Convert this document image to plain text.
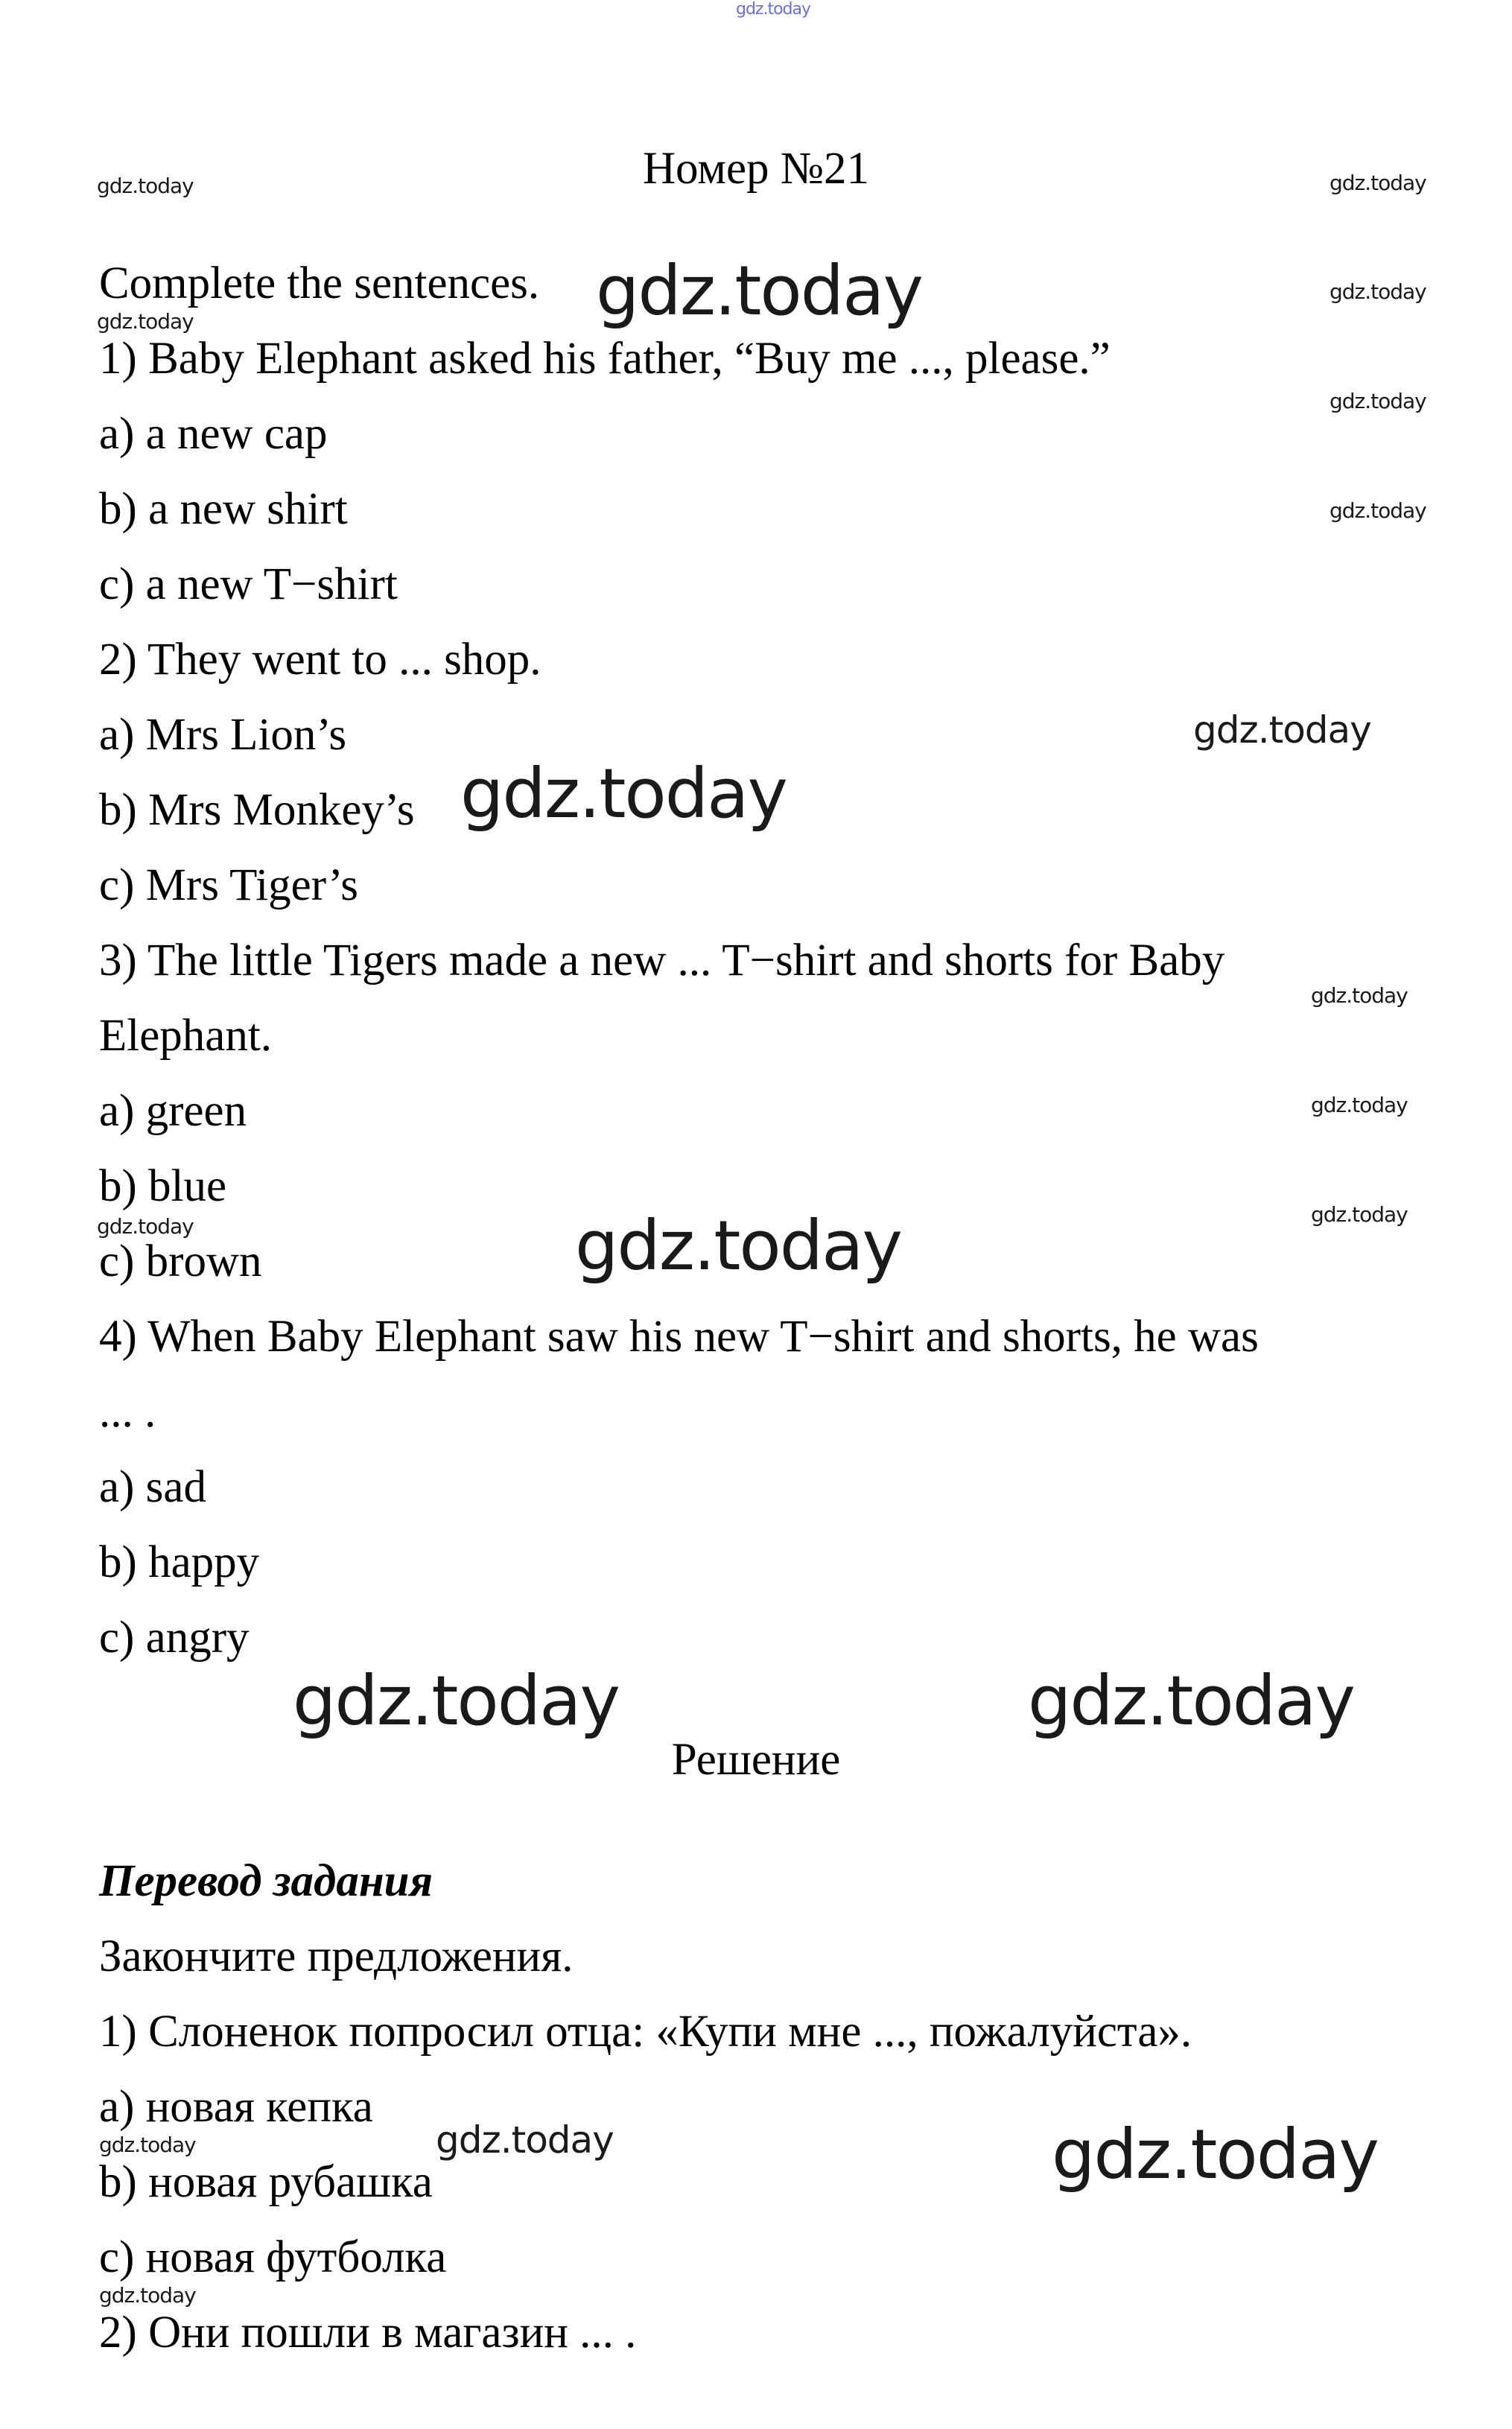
gdz.today
gdz.today	gdz.today
gdz.today
gdz.today	gdz.today
gdz.today
gdz.today
gdz.today
gdz.today
gdz.today
gdz.today
gdz.today
gdz.today	gdz.today
gdz.today	gdz.today
gdz.today	gdz.today	gdz.today
gdz.today
Номер №21
Complete the sentences.
1) Baby Elephant asked his father, “Buy me ..., please.”
a) a new cap
b) a new shirt
c) a new T−shirt
2) They went to ... shop.
a) Mrs Lion’s
b) Mrs Monkey’s
c) Mrs Tiger’s
3) The little Tigers made a new ... T−shirt and shorts for Baby
Elephant.
a) green
b) blue
c) brown
4) When Baby Elephant saw his new T−shirt and shorts, he was
... .
a) sad
b) happy
c) angry
Решение
Перевод задания
Закончите предложения.
1) Слоненок попросил отца: «Купи мне ..., пожалуйста».
a) новая кепка
b) новая рубашка
c) новая футболка
2) Они пошли в магазин ... .
